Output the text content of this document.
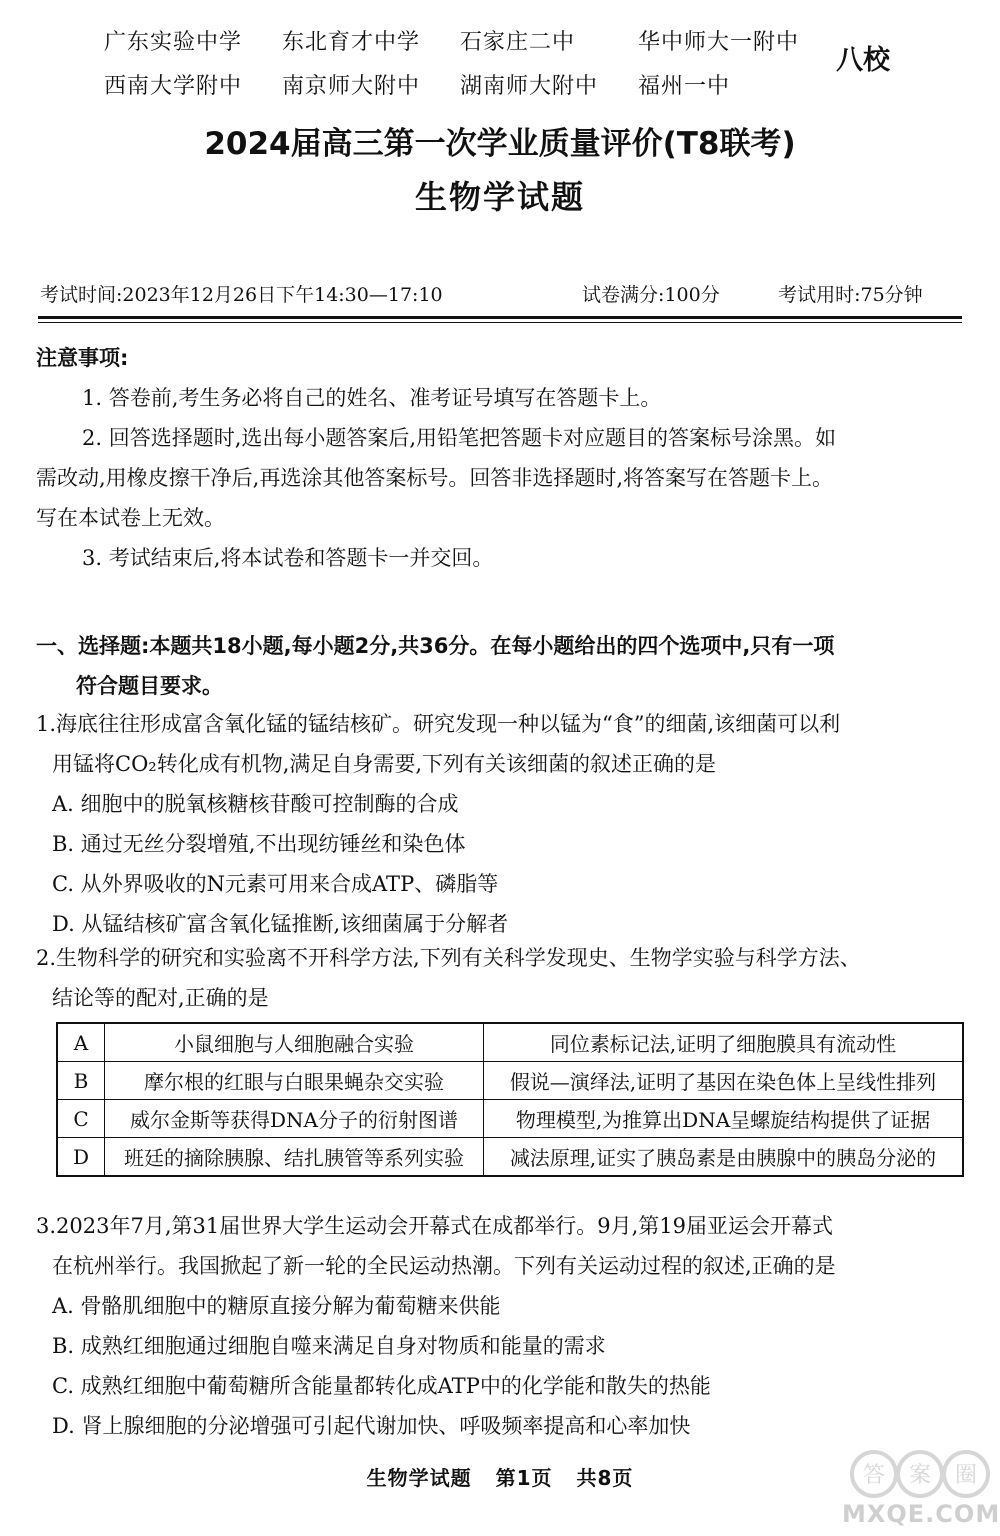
广东实验中学	东北育才中学	石家庄二中	华中师大一附中
西南大学附中	南京师大附中	湖南师大附中	福州一中
八校
2024届高三第一次学业质量评价(T8联考)
生物学试题
考试时间:2023年12月26日下午14:30—17:10	试卷满分:100分	考试用时:75分钟
注意事项:
1. 答卷前,考生务必将自己的姓名、准考证号填写在答题卡上。
2. 回答选择题时,选出每小题答案后,用铅笔把答题卡对应题目的答案标号涂黑。如
需改动,用橡皮擦干净后,再选涂其他答案标号。回答非选择题时,将答案写在答题卡上。
写在本试卷上无效。
3. 考试结束后,将本试卷和答题卡一并交回。
一、选择题:本题共18小题,每小题2分,共36分。在每小题给出的四个选项中,只有一项
符合题目要求。
1.海底往往形成富含氧化锰的锰结核矿。研究发现一种以锰为“食”的细菌,该细菌可以利
用锰将CO₂转化成有机物,满足自身需要,下列有关该细菌的叙述正确的是
A. 细胞中的脱氧核糖核苷酸可控制酶的合成
B. 通过无丝分裂增殖,不出现纺锤丝和染色体
C. 从外界吸收的N元素可用来合成ATP、磷脂等
D. 从锰结核矿富含氧化锰推断,该细菌属于分解者
2.生物科学的研究和实验离不开科学方法,下列有关科学发现史、生物学实验与科学方法、
结论等的配对,正确的是
A	小鼠细胞与人细胞融合实验	同位素标记法,证明了细胞膜具有流动性
B	摩尔根的红眼与白眼果蝇杂交实验	假说—演绎法,证明了基因在染色体上呈线性排列
C	威尔金斯等获得DNA分子的衍射图谱	物理模型,为推算出DNA呈螺旋结构提供了证据
D	班廷的摘除胰腺、结扎胰管等系列实验	减法原理,证实了胰岛素是由胰腺中的胰岛分泌的
3.2023年7月,第31届世界大学生运动会开幕式在成都举行。9月,第19届亚运会开幕式
在杭州举行。我国掀起了新一轮的全民运动热潮。下列有关运动过程的叙述,正确的是
A. 骨骼肌细胞中的糖原直接分解为葡萄糖来供能
B. 成熟红细胞通过细胞自噬来满足自身对物质和能量的需求
C. 成熟红细胞中葡萄糖所含能量都转化成ATP中的化学能和散失的热能
D. 肾上腺细胞的分泌增强可引起代谢加快、呼吸频率提高和心率加快
生物学试题 第1页 共8页	答 案 圈
MXQE.COM
